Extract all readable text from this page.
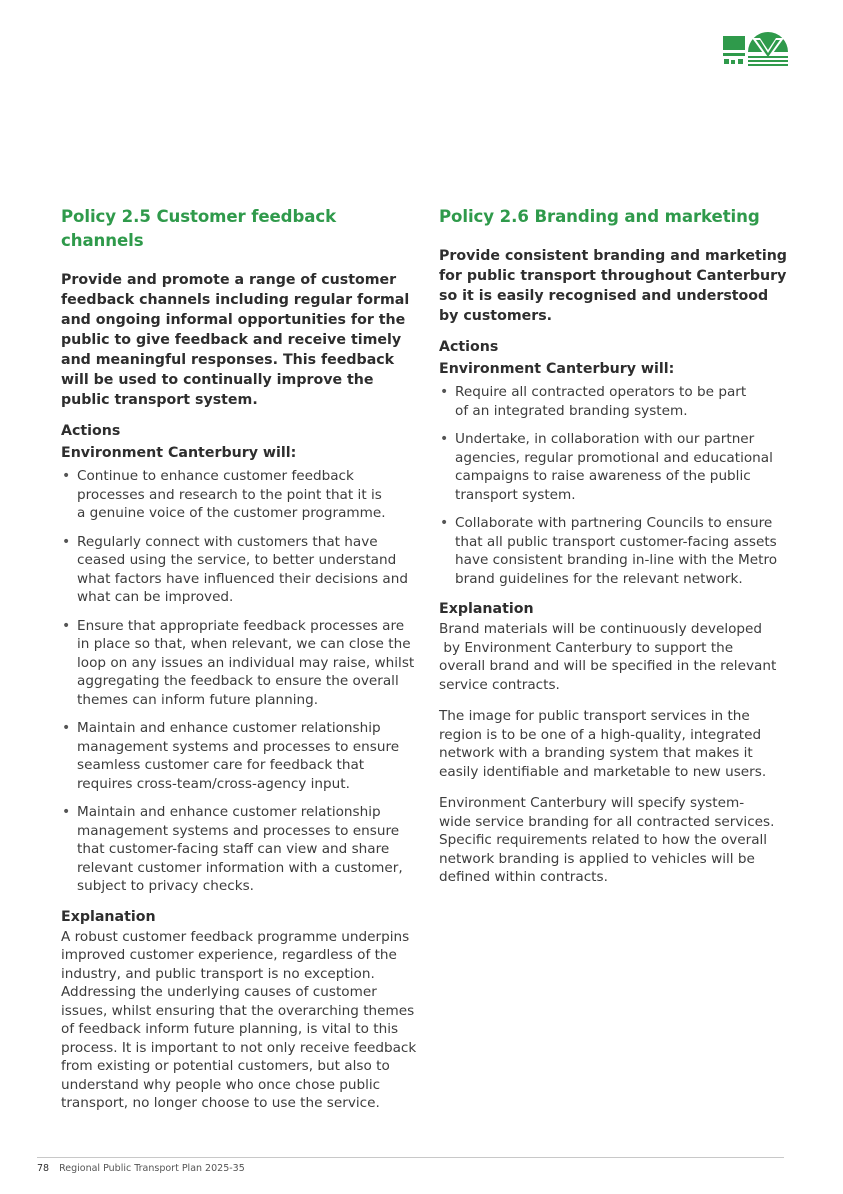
Policy 2.5 Customer feedback channels

Provide and promote a range of customer
feedback channels including regular formal
and ongoing informal opportunities for the
public to give feedback and receive timely
and meaningful responses. This feedback
will be used to continually improve the
public transport system.

Actions

Environment Canterbury will:

• Continue to enhance customer feedback
processes and research to the point that it is
a genuine voice of the customer programme.
• Regularly connect with customers that have
ceased using the service, to better understand
what factors have influenced their decisions and
what can be improved.
• Ensure that appropriate feedback processes are
in place so that, when relevant, we can close the
loop on any issues an individual may raise, whilst
aggregating the feedback to ensure the overall
themes can inform future planning.
• Maintain and enhance customer relationship
management systems and processes to ensure
seamless customer care for feedback that
requires cross-team/cross-agency input.
• Maintain and enhance customer relationship
management systems and processes to ensure
that customer-facing staff can view and share
relevant customer information with a customer,
subject to privacy checks.

Explanation

A robust customer feedback programme underpins
improved customer experience, regardless of the
industry, and public transport is no exception.
Addressing the underlying causes of customer
issues, whilst ensuring that the overarching themes
of feedback inform future planning, is vital to this
process. It is important to not only receive feedback
from existing or potential customers, but also to
understand why people who once chose public
transport, no longer choose to use the service.
Policy 2.6 Branding and marketing

Provide consistent branding and marketing
for public transport throughout Canterbury
so it is easily recognised and understood
by customers.

Actions

Environment Canterbury will:

• Require all contracted operators to be part
of an integrated branding system.
• Undertake, in collaboration with our partner
agencies, regular promotional and educational
campaigns to raise awareness of the public
transport system.
• Collaborate with partnering Councils to ensure
that all public transport customer-facing assets
have consistent branding in-line with the Metro
brand guidelines for the relevant network.

Explanation

Brand materials will be continuously developed
by Environment Canterbury to support the
overall brand and will be specified in the relevant
service contracts.
The image for public transport services in the
region is to be one of a high-quality, integrated
network with a branding system that makes it
easily identifiable and marketable to new users.
Environment Canterbury will specify system-
wide service branding for all contracted services.
Specific requirements related to how the overall
network branding is applied to vehicles will be
defined within contracts.
78 Regional Public Transport Plan 2025-35
